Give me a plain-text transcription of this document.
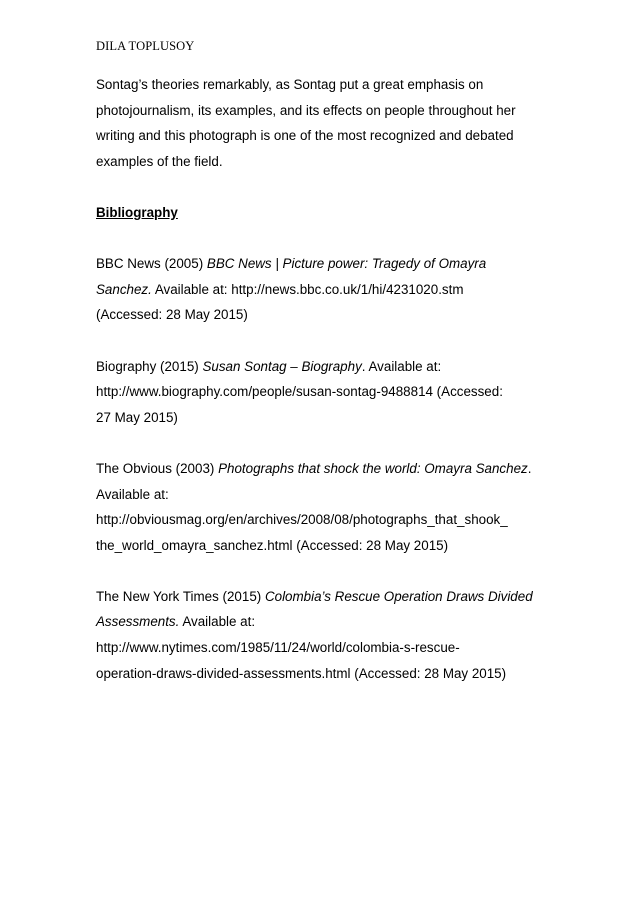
DILA TOPLUSOY
Sontag’s theories remarkably, as Sontag put a great emphasis on
photojournalism, its examples, and its effects on people throughout her
writing and this photograph is one of the most recognized and debated
examples of the field.
Bibliography
BBC News (2005) BBC News | Picture power: Tragedy of Omayra
Sanchez. Available at: http://news.bbc.co.uk/1/hi/4231020.stm
(Accessed: 28 May 2015)
Biography (2015) Susan Sontag – Biography. Available at:
http://www.biography.com/people/susan-sontag-9488814 (Accessed:
27 May 2015)
The Obvious (2003) Photographs that shock the world: Omayra Sanchez.
Available at:
http://obviousmag.org/en/archives/2008/08/photographs_that_shook_
the_world_omayra_sanchez.html (Accessed: 28 May 2015)
The New York Times (2015) Colombia’s Rescue Operation Draws Divided
Assessments. Available at:
http://www.nytimes.com/1985/11/24/world/colombia-s-rescue-
operation-draws-divided-assessments.html (Accessed: 28 May 2015)
